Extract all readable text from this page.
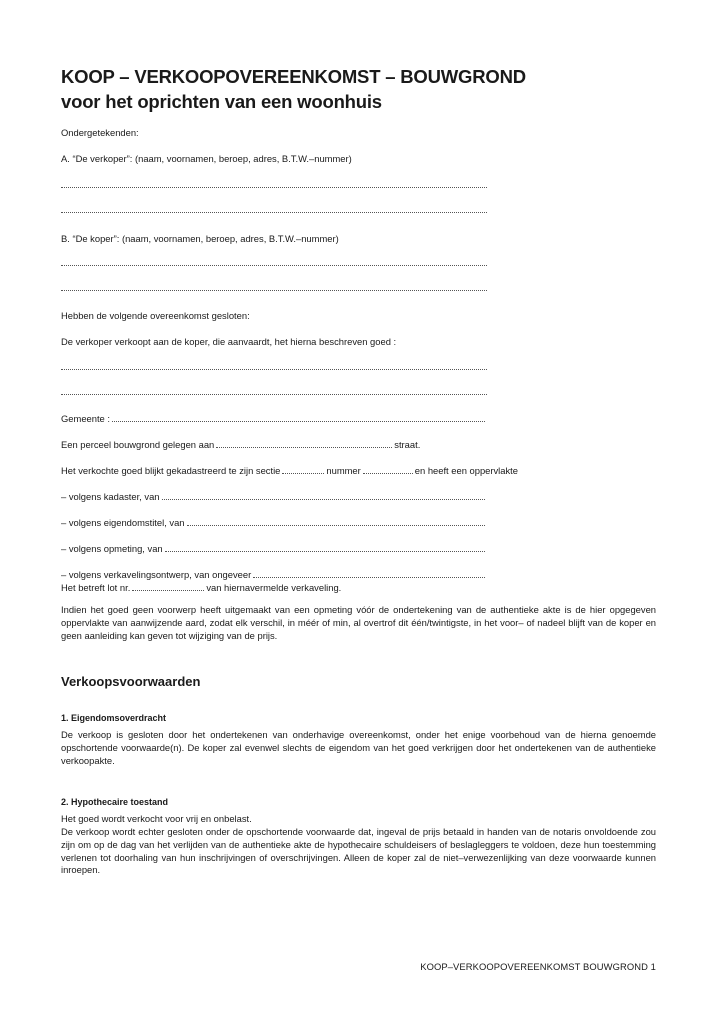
KOOP – VERKOOPOVEREENKOMST – BOUWGROND
voor het oprichten van een woonhuis
Ondergetekenden:
A. “De verkoper”: (naam, voornamen, beroep, adres, B.T.W.–nummer)
B. “De koper”: (naam, voornamen, beroep, adres, B.T.W.–nummer)
Hebben de volgende overeenkomst gesloten:
De verkoper verkoopt aan de koper, die aanvaardt, het hierna beschreven goed :
Gemeente :
Een perceel bouwgrond gelegen aan	straat.
Het verkochte goed blijkt gekadastreerd te zijn sectie	nummer	en heeft een oppervlakte
– volgens kadaster, van
– volgens eigendomstitel, van
– volgens opmeting, van
– volgens verkavelingsontwerp, van ongeveer
Het betreft lot nr.	van hiernavermelde verkaveling.
Indien het goed geen voorwerp heeft uitgemaakt van een opmeting vóór de ondertekening van de authentieke akte is de hier opgegeven oppervlakte van aanwijzende aard, zodat elk verschil, in méér of min, al overtrof dit één/twintigste, in het voor– of nadeel blijft van de koper en geen aanleiding kan geven tot wijziging van de prijs.
Verkoopsvoorwaarden
1. Eigendomsoverdracht
De verkoop is gesloten door het ondertekenen van onderhavige overeenkomst, onder het enige voorbehoud van de hierna genoemde opschortende voorwaarde(n). De koper zal evenwel slechts de eigendom van het goed verkrijgen door het ondertekenen van de authentieke verkoopakte.
2. Hypothecaire toestand
Het goed wordt verkocht voor vrij en onbelast.
De verkoop wordt echter gesloten onder de opschortende voorwaarde dat, ingeval de prijs betaald in handen van de notaris onvoldoende zou zijn om op de dag van het verlijden van de authentieke akte de hypothecaire schuldeisers of beslagleggers te voldoen, deze hun toestemming verlenen tot doorhaling van hun inschrijvingen of overschrijvingen. Alleen de koper zal de niet–verwezenlijking van deze voorwaarde kunnen inroepen.
KOOP–VERKOOPOVEREENKOMST BOUWGROND 1
